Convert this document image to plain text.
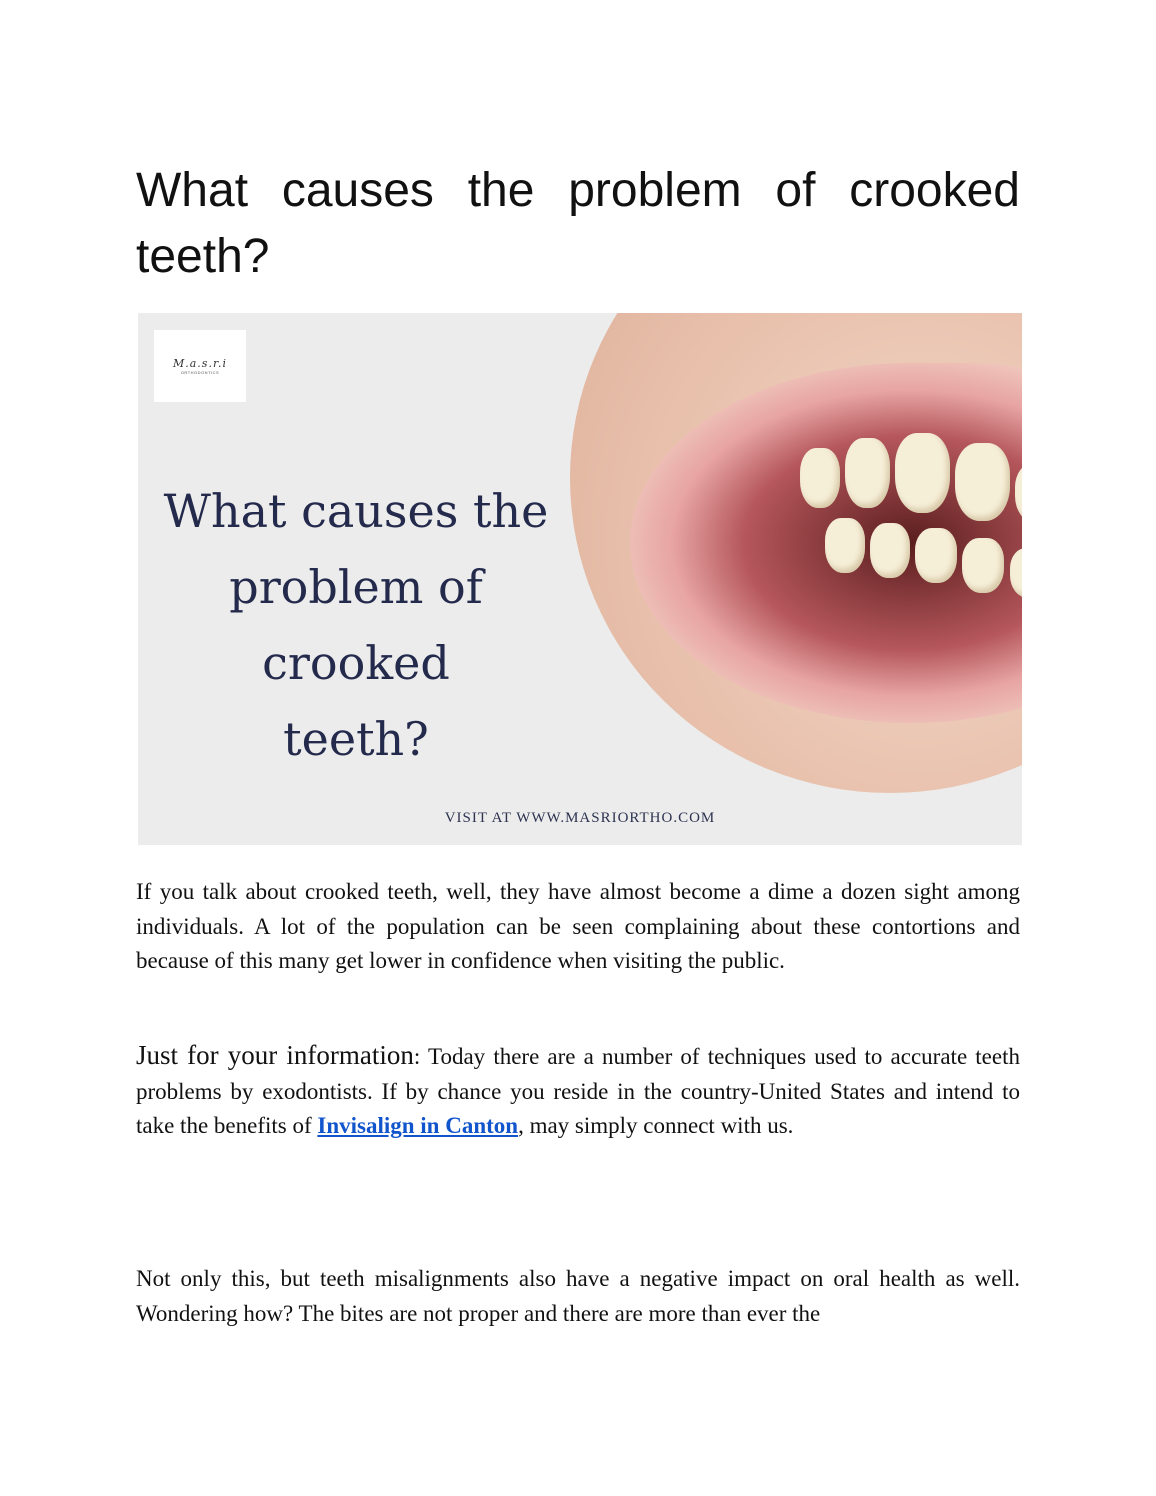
What causes the problem of crooked teeth?
M.a.s.r.i
ORTHODONTICS
What causes the
problem of crooked
teeth?
VISIT AT WWW.MASRIORTHO.COM

If you talk about crooked teeth, well, they have almost become a dime a dozen sight among individuals. A lot of the population can be seen complaining about these contortions and because of this many get lower in confidence when visiting the public.

Just for your information: Today there are a number of techniques used to accurate teeth problems by exodontists. If by chance you reside in the country-United States and intend to take the benefits of Invisalign in Canton, may simply connect with us.

Not only this, but teeth misalignments also have a negative impact on oral health as well. Wondering how? The bites are not proper and there are more than ever the
